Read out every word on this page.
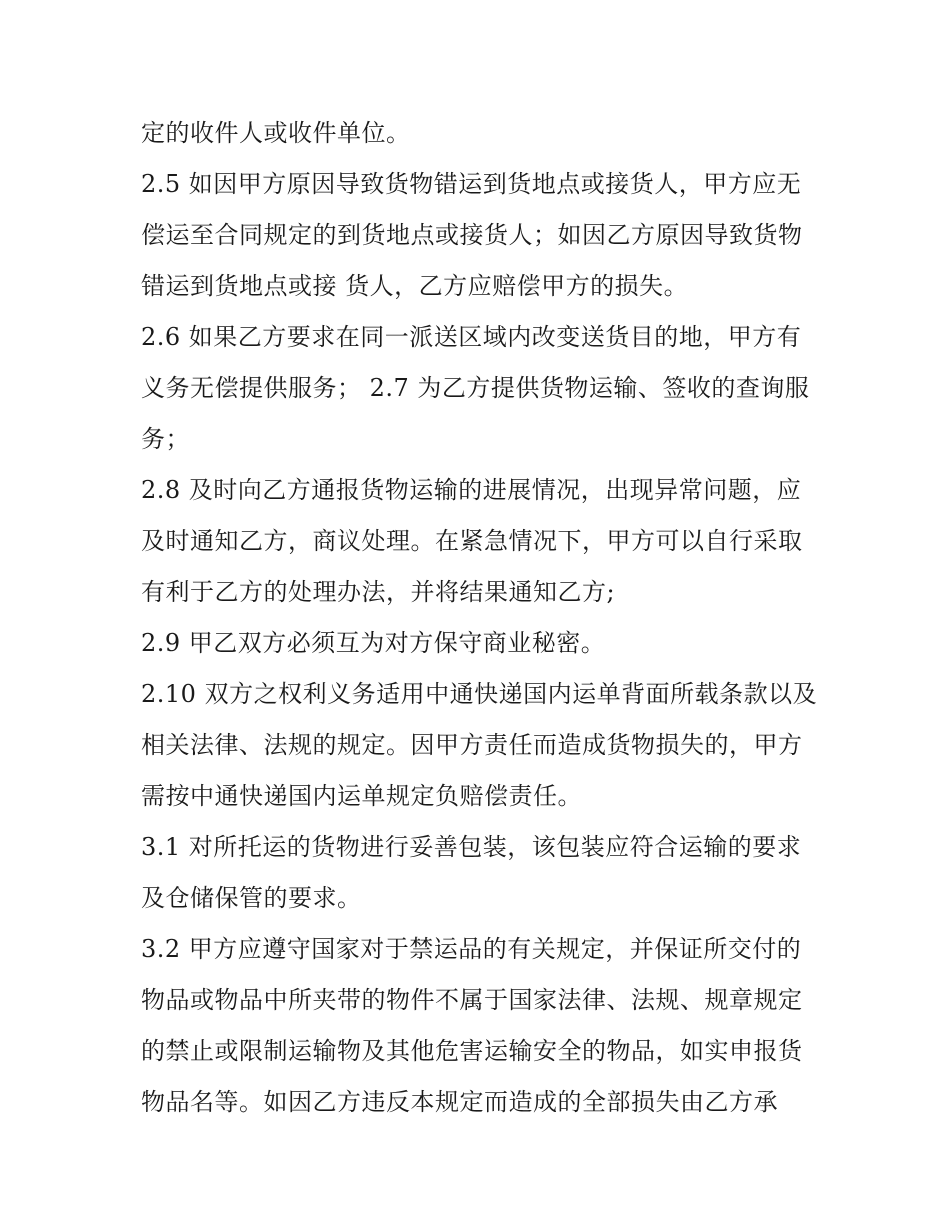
定的收件人或收件单位。
2.5 如因甲方原因导致货物错运到货地点或接货人，甲方应无
偿运至合同规定的到货地点或接货人；如因乙方原因导致货物
错运到货地点或接 货人，乙方应赔偿甲方的损失。
2.6 如果乙方要求在同一派送区域内改变送货目的地，甲方有
义务无偿提供服务； 2.7 为乙方提供货物运输、签收的查询服
务；
2.8 及时向乙方通报货物运输的进展情况，出现异常问题，应
及时通知乙方，商议处理。在紧急情况下，甲方可以自行采取
有利于乙方的处理办法，并将结果通知乙方;
2.9 甲乙双方必须互为对方保守商业秘密。
2.10 双方之权利义务适用中通快递国内运单背面所载条款以及
相关法律、法规的规定。因甲方责任而造成货物损失的，甲方
需按中通快递国内运单规定负赔偿责任。
3.1 对所托运的货物进行妥善包装，该包装应符合运输的要求
及仓储保管的要求。
3.2 甲方应遵守国家对于禁运品的有关规定，并保证所交付的
物品或物品中所夹带的物件不属于国家法律、法规、规章规定
的禁止或限制运输物及其他危害运输安全的物品，如实申报货
物品名等。如因乙方违反本规定而造成的全部损失由乙方承
